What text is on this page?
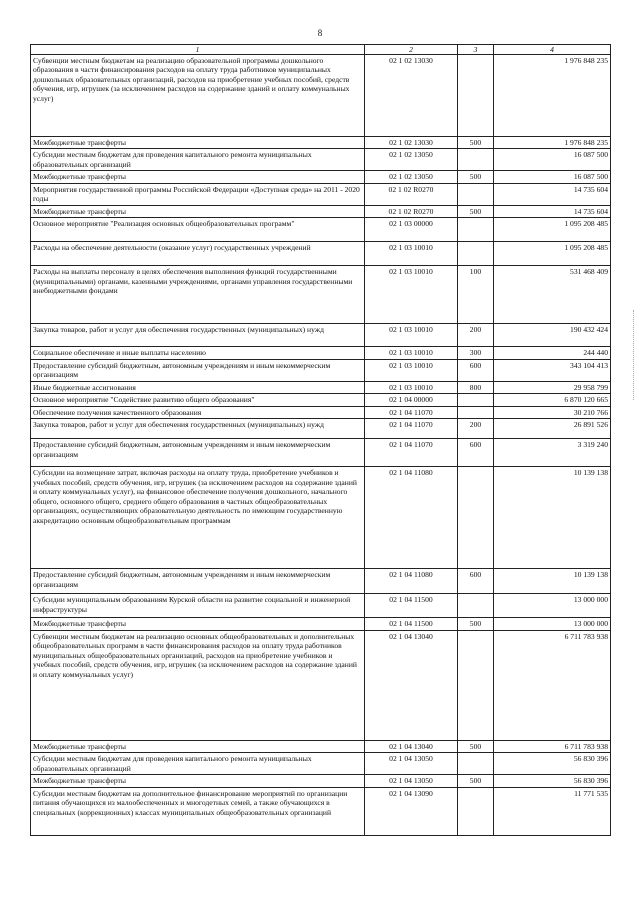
8
1	2	3	4
Субвенции местным бюджетам на реализацию образовательной программы дошкольного образования в части финансирования расходов на оплату труда работников муниципальных дошкольных образовательных организаций, расходов на приобретение учебных пособий, средств обучения, игр, игрушек (за исключением расходов на содержание зданий и оплату коммунальных услуг)	02 1 02 13030		1 976 848 235
Межбюджетные трансферты	02 1 02 13030	500	1 976 848 235
Субсидии местным бюджетам для проведения капитального ремонта муниципальных образовательных организаций	02 1 02 13050		16 087 500
Межбюджетные трансферты	02 1 02 13050	500	16 087 500
Мероприятия государственной программы Российской Федерации «Доступная среда» на 2011 - 2020 годы	02 1 02 R0270		14 735 604
Межбюджетные трансферты	02 1 02 R0270	500	14 735 604
Основное мероприятие "Реализация основных общеобразовательных программ"	02 1 03 00000		1 095 208 485
Расходы на обеспечение деятельности (оказание услуг) государственных учреждений	02 1 03 10010		1 095 208 485
Расходы на выплаты персоналу в целях обеспечения выполнения функций государственными (муниципальными) органами, казенными учреждениями, органами управления государственными внебюджетными фондами	02 1 03 10010	100	531 468 409
Закупка товаров, работ и услуг для обеспечения государственных (муниципальных) нужд	02 1 03 10010	200	190 432 424
Социальное обеспечение и иные выплаты населению	02 1 03 10010	300	244 440
Предоставление субсидий бюджетным, автономным учреждениям и иным некоммерческим организациям	02 1 03 10010	600	343 104 413
Иные бюджетные ассигнования	02 1 03 10010	800	29 958 799
Основное мероприятие "Содействие развитию общего образования"	02 1 04 00000		6 870 120 665
Обеспечение получения качественного образования	02 1 04 11070		30 210 766
Закупка товаров, работ и услуг для обеспечения государственных (муниципальных) нужд	02 1 04 11070	200	26 891 526
Предоставление субсидий бюджетным, автономным учреждениям и иным некоммерческим организациям	02 1 04 11070	600	3 319 240
Субсидии на возмещение затрат, включая расходы на оплату труда, приобретение учебников и учебных пособий, средств обучения, игр, игрушек (за исключением расходов на содержание зданий и оплату коммунальных услуг), на финансовое обеспечение получения дошкольного, начального общего, основного общего, среднего общего образования в частных общеобразовательных организациях, осуществляющих образовательную деятельность по имеющим государственную аккредитацию основным общеобразовательным программам	02 1 04 11080		10 139 138
Предоставление субсидий бюджетным, автономным учреждениям и иным некоммерческим организациям	02 1 04 11080	600	10 139 138
Субсидии муниципальным образованиям Курской области на развитие социальной и инженерной инфраструктуры	02 1 04 11500		13 000 000
Межбюджетные трансферты	02 1 04 11500	500	13 000 000
Субвенции местным бюджетам на реализацию основных общеобразовательных и дополнительных общеобразовательных программ в части финансирования расходов на оплату труда работников муниципальных общеобразовательных организаций, расходов на приобретение учебников и учебных пособий, средств обучения, игр, игрушек (за исключением расходов на содержание зданий и оплату коммунальных услуг)	02 1 04 13040		6 711 783 938
Межбюджетные трансферты	02 1 04 13040	500	6 711 783 938
Субсидии местным бюджетам для проведения капитального ремонта муниципальных образовательных организаций	02 1 04 13050		56 830 396
Межбюджетные трансферты	02 1 04 13050	500	56 830 396
Субсидии местным бюджетам на дополнительное финансирование мероприятий по организации питания обучающихся из малообеспеченных и многодетных семей, а также обучающихся в специальных (коррекционных) классах муниципальных общеобразовательных организаций	02 1 04 13090		11 771 535
